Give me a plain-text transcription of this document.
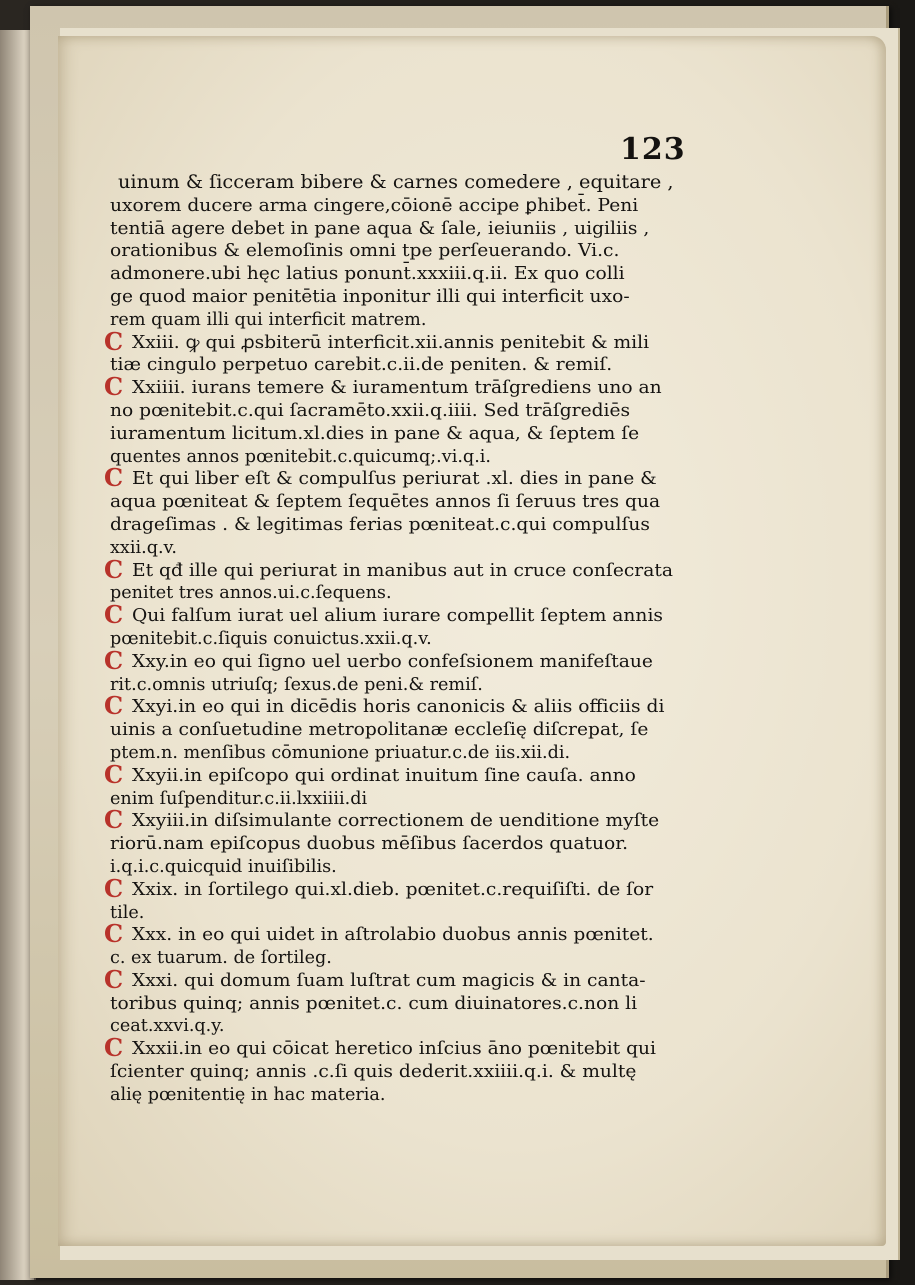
123
uinum & ſicceram bibere & carnes comedere , equitare ,
uxorem ducere arma cingere,cōionē accipe ꝑhibet̄. Peni
tentiā agere debet in pane aqua & ſale, ieiuniis , uigiliis ,
orationibus & elemoſinis omni tpe perſeuerando. Vi.c.
admonere.ubi hęc latius ponunt̄.xxxiii.q.ii. Ex quo colli
ge quod maior penitētia inponitur illi qui interficit uxo-
rem quam illi qui interficit matrem.
C Xxiii. ꝙ qui ꝓsbiterū interficit.xii.annis penitebit & mili
tiæ cingulo perpetuo carebit.c.ii.de peniten. & remiſ.
C Xxiiii. iurans temere & iuramentum trāſgrediens uno an
no pœnitebit.c.qui ſacramēto.xxii.q.iiii. Sed trāſgrediēs
iuramentum licitum.xl.dies in pane & aqua, & ſeptem ſe
quentes annos pœnitebit.c.quicumq;.vi.q.i.
C Et qui liber eſt & compulſus periurat .xl. dies in pane &
aqua pœniteat & ſeptem ſequētes annos ſi ſeruus tres qua
drageſimas . & legitimas ferias pœniteat.c.qui compulſus
xxii.q.v.
C Et qđ ille qui periurat in manibus aut in cruce conſecrata
penitet tres annos.ui.c.ſequens.
C Qui falſum iurat uel alium iurare compellit ſeptem annis
pœnitebit.c.ſiquis conuictus.xxii.q.v.
C Xxy.in eo qui ſigno uel uerbo confeſsionem manifeſtaue
rit.c.omnis utriuſq; ſexus.de peni.& remiſ.
C Xxyi.in eo qui in dicēdis horis canonicis & aliis officiis di
uinis a conſuetudine metropolitanæ eccleſię diſcrepat, ſe
ptem.n. menſibus cōmunione priuatur.c.de iis.xii.di.
C Xxyii.in epiſcopo qui ordinat inuitum ſine cauſa. anno
enim ſuſpenditur.c.ii.lxxiiii.di
C Xxyiii.in diſsimulante correctionem de uenditione myſte
riorū.nam epiſcopus duobus mēſibus ſacerdos quatuor.
i.q.i.c.quicquid inuiſibilis.
C Xxix. in ſortilego qui.xl.dieb. pœnitet.c.requiſiſti. de ſor
tile.
C Xxx. in eo qui uidet in aſtrolabio duobus annis pœnitet.
c. ex tuarum. de ſortileg.
C Xxxi. qui domum ſuam luſtrat cum magicis & in canta-
toribus quinq; annis pœnitet.c. cum diuinatores.c.non li
ceat.xxvi.q.y.
C Xxxii.in eo qui cōicat heretico inſcius āno pœnitebit qui
ſcienter quinq; annis .c.ſi quis dederit.xxiiii.q.i. & multę
alię pœnitentię in hac materia.
